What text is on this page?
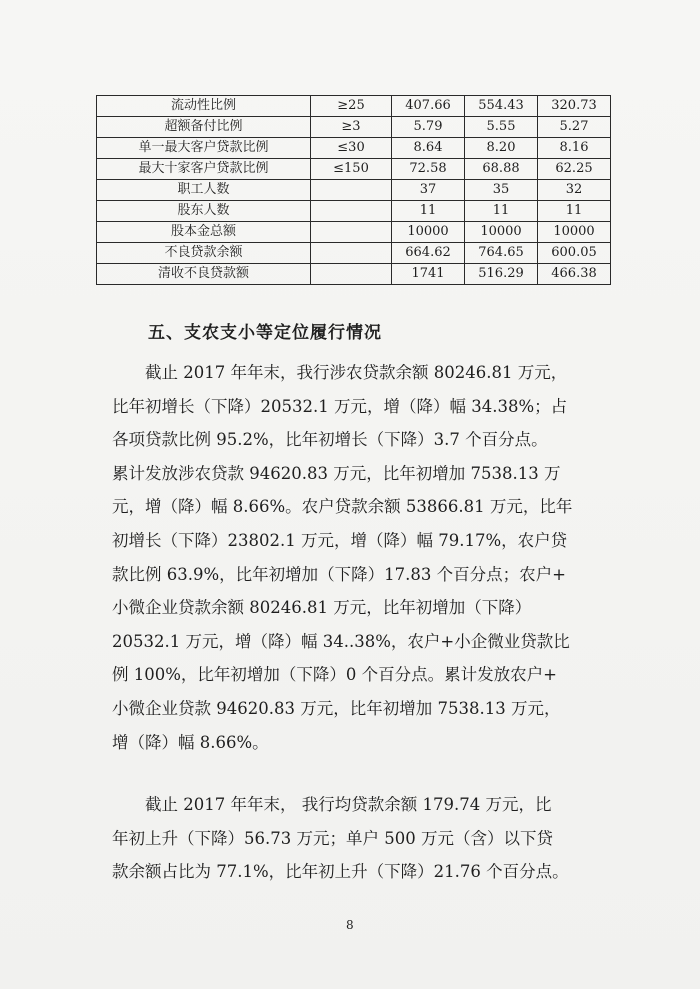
流动性比例	≥25	407.66	554.43	320.73
超额备付比例	≥3	5.79	5.55	5.27
单一最大客户贷款比例	≤30	8.64	8.20	8.16
最大十家客户贷款比例	≤150	72.58	68.88	62.25
职工人数		37	35	32
股东人数		11	11	11
股本金总额		10000	10000	10000
不良贷款余额		664.62	764.65	600.05
清收不良贷款额		1741	516.29	466.38
五、支农支小等定位履行情况
　　截止 2017 年年末，我行涉农贷款余额 80246.81 万元，
比年初增长（下降）20532.1 万元，增（降）幅 34.38%；占
各项贷款比例 95.2%，比年初增长（下降）3.7 个百分点。
累计发放涉农贷款 94620.83 万元，比年初增加 7538.13 万
元，增（降）幅 8.66%。农户贷款余额 53866.81 万元，比年
初增长（下降）23802.1 万元，增（降）幅 79.17%，农户贷
款比例 63.9%，比年初增加（下降）17.83 个百分点；农户+
小微企业贷款余额 80246.81 万元，比年初增加（下降）
20532.1 万元，增（降）幅 34..38%，农户+小企微业贷款比
例 100%，比年初增加（下降）0 个百分点。累计发放农户+
小微企业贷款 94620.83 万元，比年初增加 7538.13 万元，
增（降）幅 8.66%。
　　截止 2017 年年末， 我行均贷款余额 179.74 万元，比
年初上升（下降）56.73 万元；单户 500 万元（含）以下贷
款余额占比为 77.1%，比年初上升（下降）21.76 个百分点。
8
